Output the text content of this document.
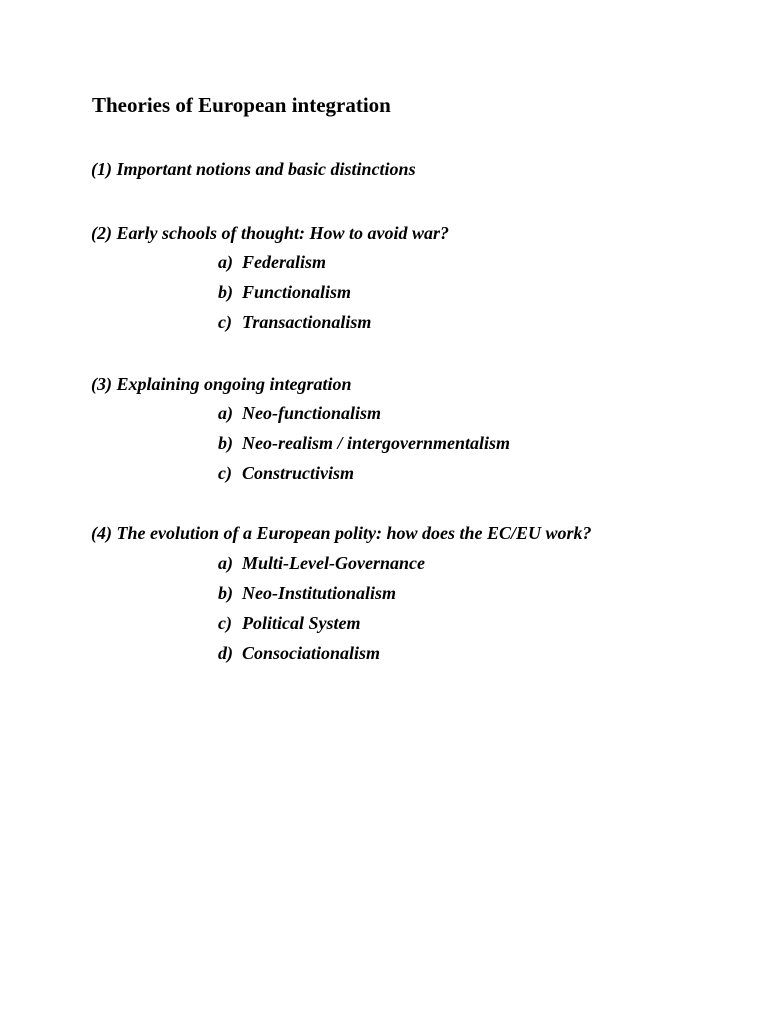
Theories of European integration
(1) Important notions and basic distinctions
(2) Early schools of thought: How to avoid war?
a) Federalism
b) Functionalism
c) Transactionalism
(3) Explaining ongoing integration
a) Neo-functionalism
b) Neo-realism / intergovernmentalism
c) Constructivism
(4) The evolution of a European polity: how does the EC/EU work?
a) Multi-Level-Governance
b) Neo-Institutionalism
c) Political System
d) Consociationalism
